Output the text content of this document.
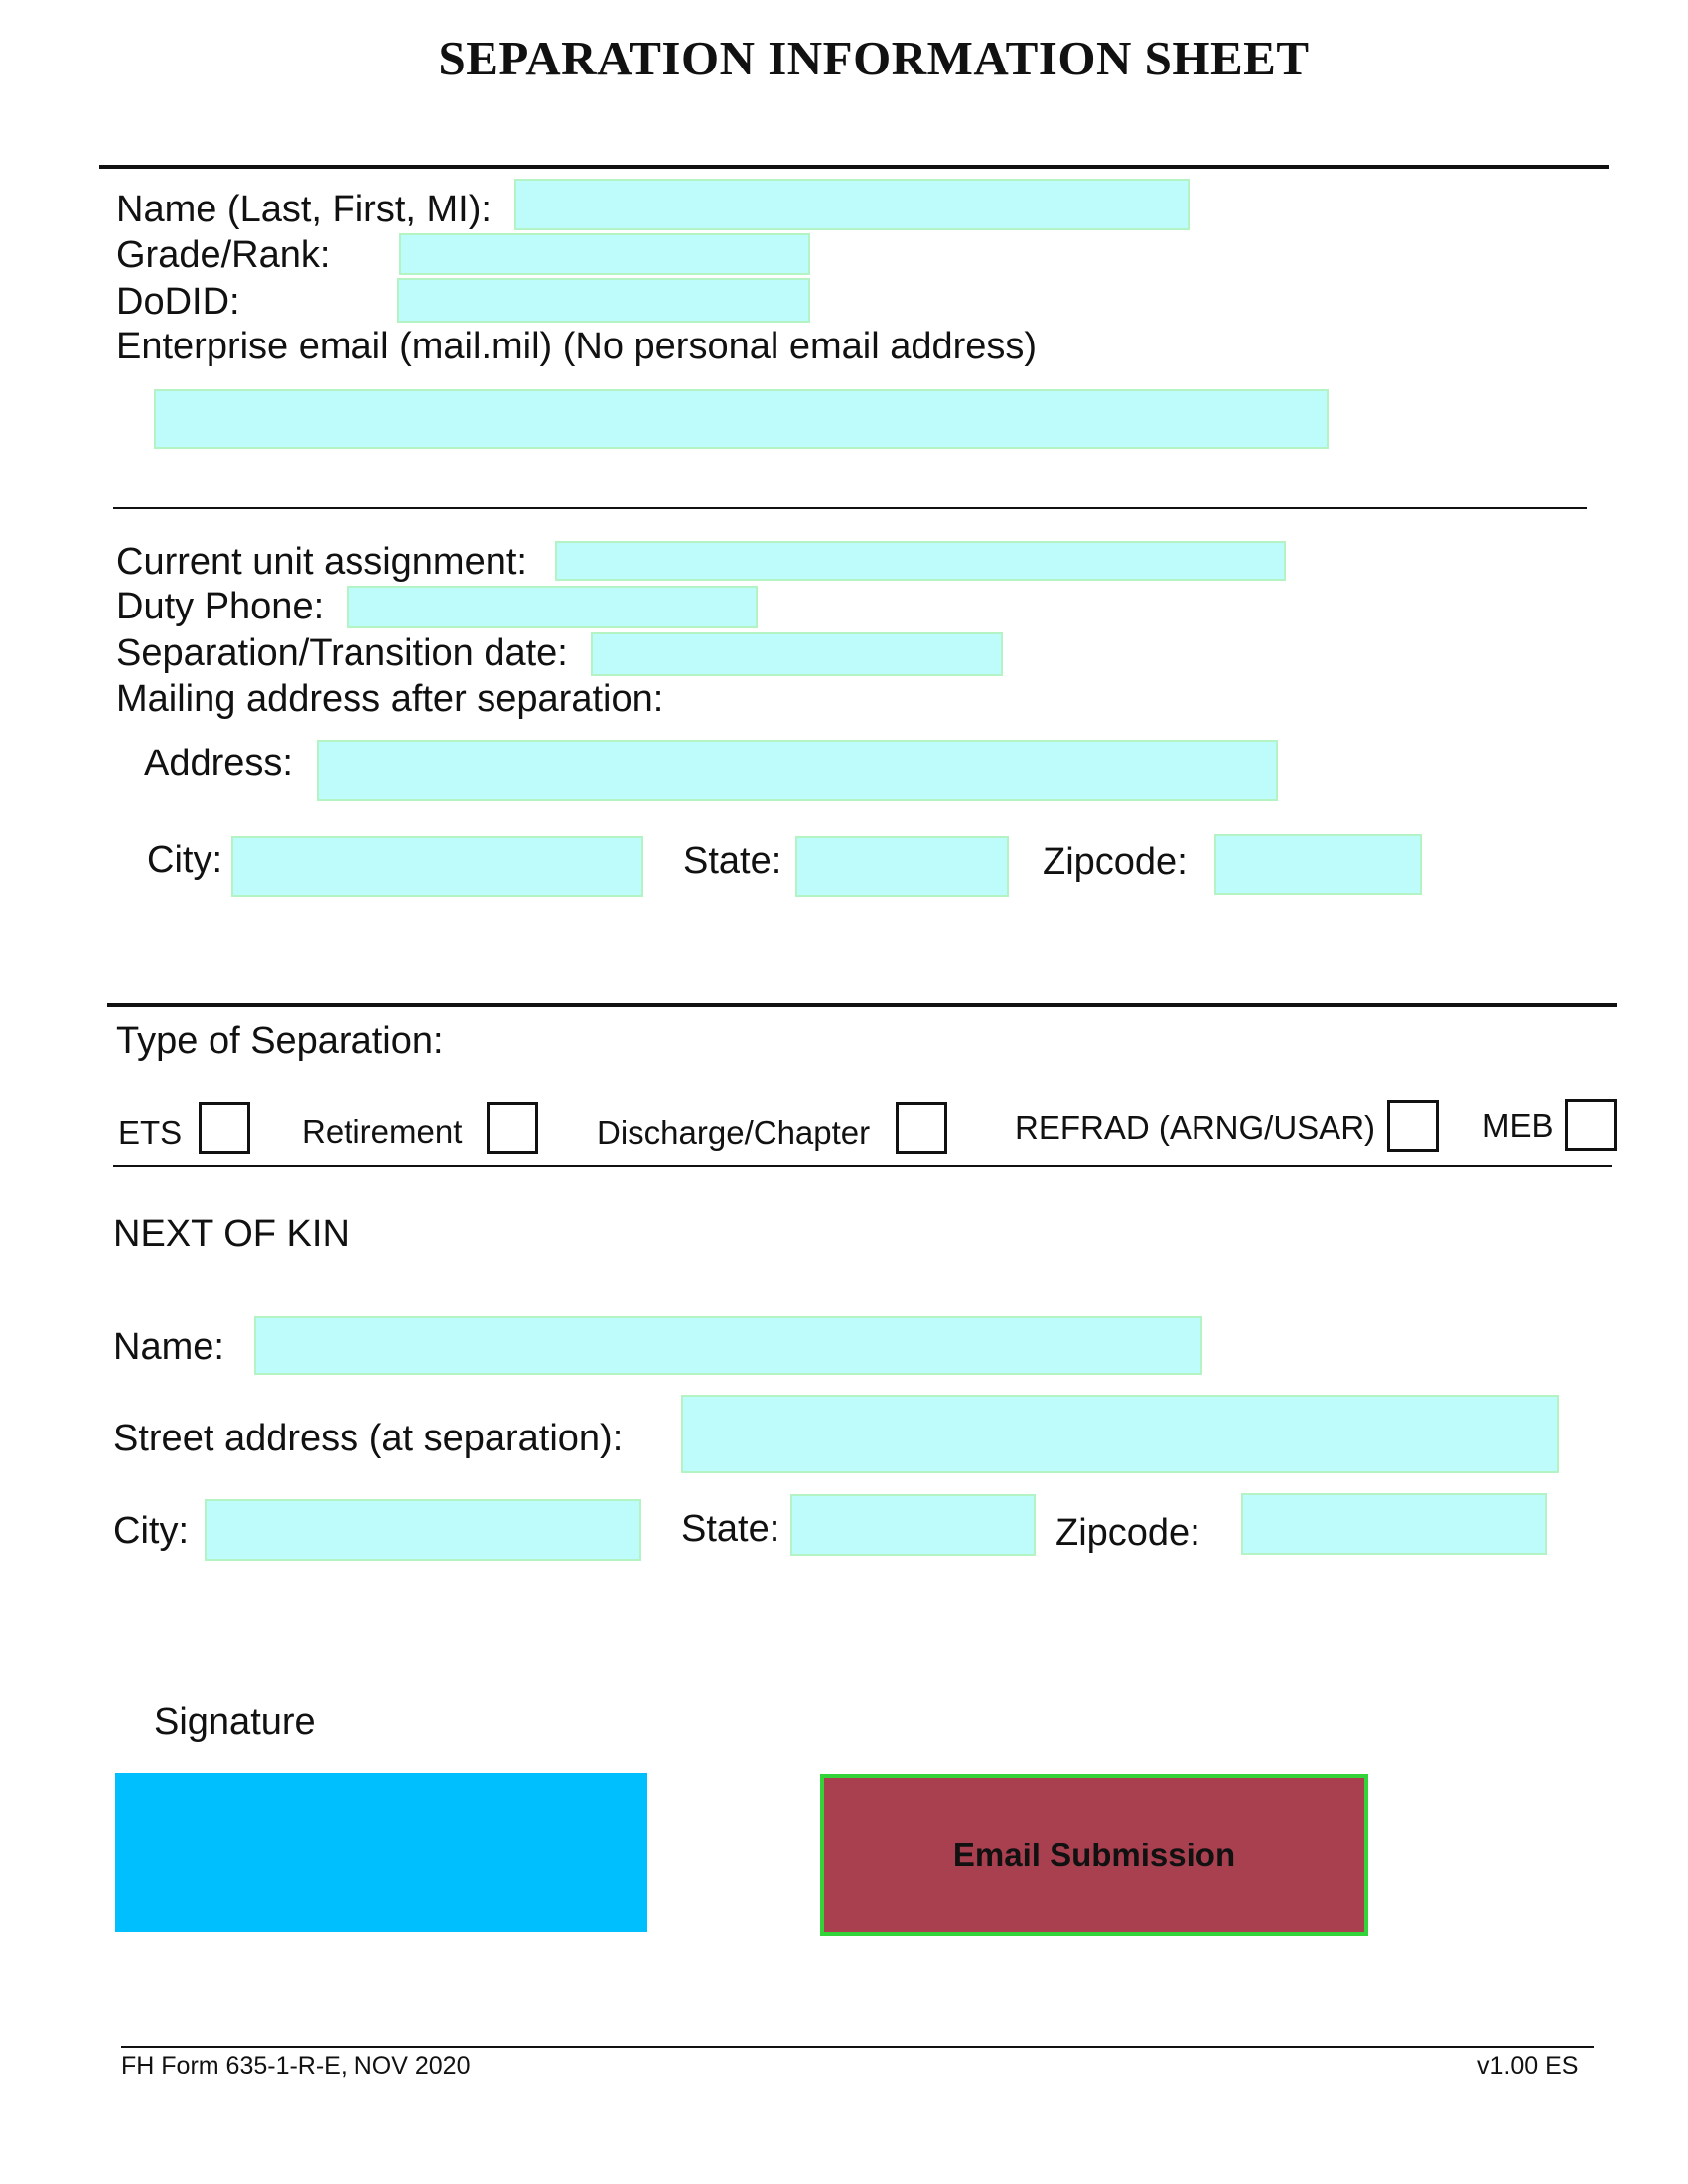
SEPARATION INFORMATION SHEET
Name (Last, First, MI):
Grade/Rank:
DoDID:
Enterprise email (mail.mil) (No personal email address)
Current unit assignment:
Duty Phone:
Separation/Transition date:
Mailing address after separation:
Address:
City:	State:	Zipcode:
Type of Separation:
ETS	Retirement	Discharge/Chapter	REFRAD (ARNG/USAR)	MEB
NEXT OF KIN
Name:
Street address (at separation):
City:	State:	Zipcode:
Signature
Email Submission
FH Form 635-1-R-E, NOV 2020	v1.00 ES
